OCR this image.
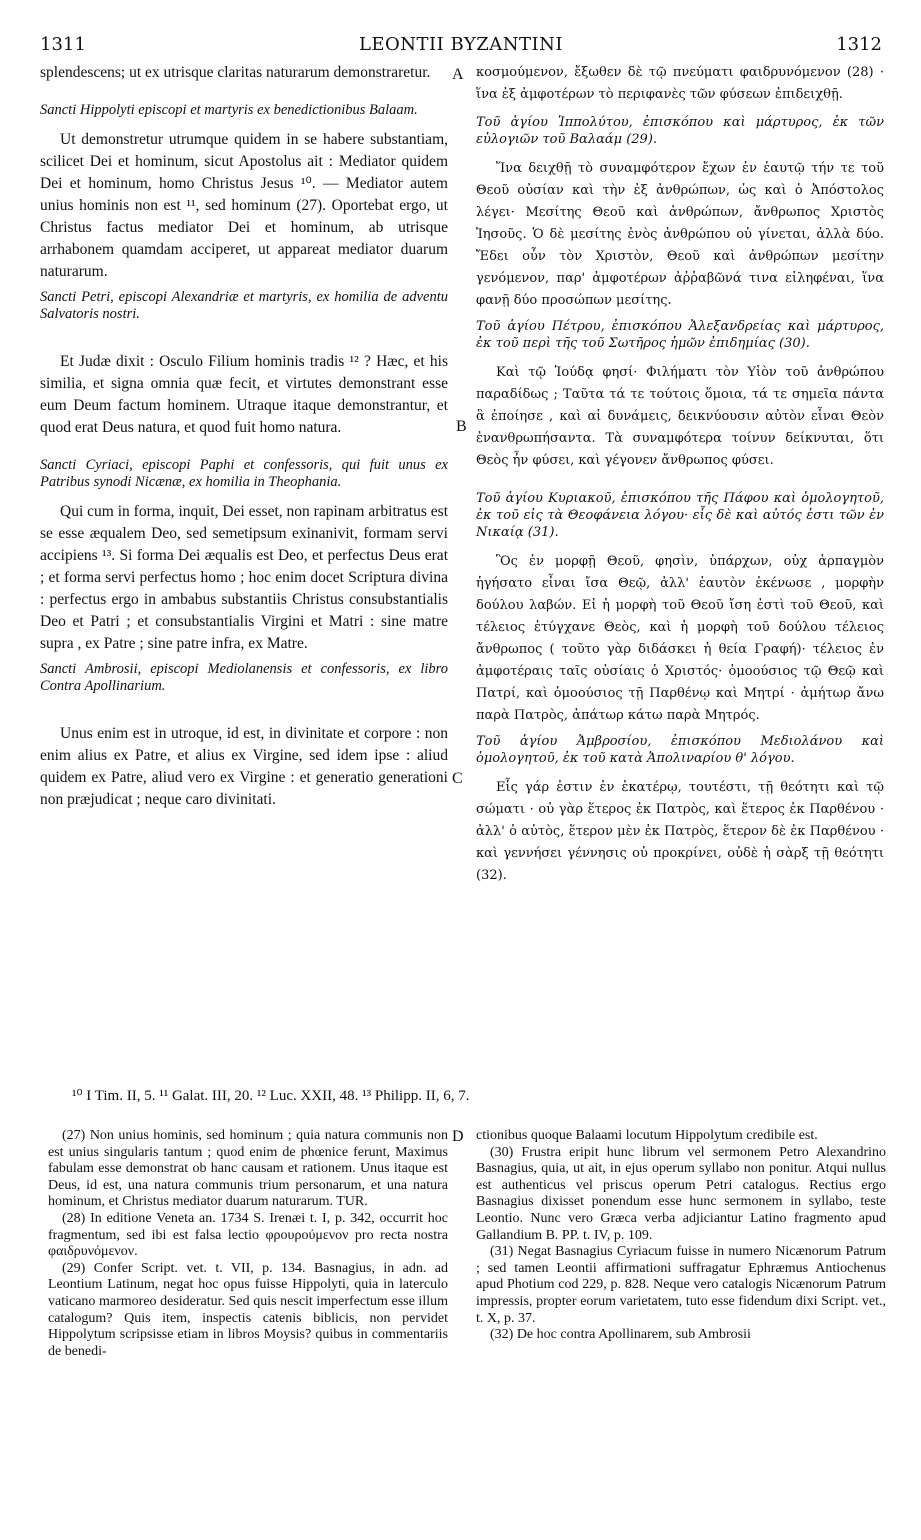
1311	LEONTII BYZANTINI	1312
A
B
C
D

splendescens; ut ex utrisque claritas naturarum demonstraretur.

Sancti Hippolyti episcopi et martyris ex benedictionibus Balaam.

Ut demonstretur utrumque quidem in se habere substantiam, scilicet Dei et hominum, sicut Apostolus ait : Mediator quidem Dei et hominum, homo Christus Jesus ¹⁰. — Mediator autem unius hominis non est ¹¹, sed hominum (27). Oportebat ergo, ut Christus factus mediator Dei et hominum, ab utrisque arrhabonem quamdam acciperet, ut appareat mediator duarum naturarum.

Sancti Petri, episcopi Alexandriæ et martyris, ex homilia de adventu Salvatoris nostri.

Et Judæ dixit : Osculo Filium hominis tradis ¹² ? Hæc, et his similia, et signa omnia quæ fecit, et virtutes demonstrant esse eum Deum factum hominem. Utraque itaque demonstrantur, et quod erat Deus natura, et quod fuit homo natura.

Sancti Cyriaci, episcopi Paphi et confessoris, qui fuit unus ex Patribus synodi Nicænæ, ex homilia in Theophania.

Qui cum in forma, inquit, Dei esset, non rapinam arbitratus est se esse æqualem Deo, sed semetipsum exinanivit, formam servi accipiens ¹³. Si forma Dei æqualis est Deo, et perfectus Deus erat ; et forma servi perfectus homo ; hoc enim docet Scriptura divina : perfectus ergo in ambabus substantiis Christus consubstantialis Deo et Patri ; et consubstantialis Virgini et Matri : sine matre supra , ex Patre ; sine patre infra, ex Matre.

Sancti Ambrosii, episcopi Mediolanensis et confessoris, ex libro Contra Apollinarium.

Unus enim est in utroque, id est, in divinitate et corpore : non enim alius ex Patre, et alius ex Virgine, sed idem ipse : aliud quidem ex Patre, aliud vero ex Virgine : et generatio generationi non præjudicat ; neque caro divinitati.

κοσμούμενον, ἔξωθεν δὲ τῷ πνεύματι φαιδρυνόμενον (28) · ἵνα ἐξ ἀμφοτέρων τὸ περιφανὲς τῶν φύσεων ἐπιδειχθῇ.

Τοῦ ἁγίου Ἱππολύτου, ἐπισκόπου καὶ μάρτυρος, ἐκ τῶν εὐλογιῶν τοῦ Βαλαάμ (29).

Ἵνα δειχθῇ τὸ συναμφότερον ἔχων ἐν ἑαυτῷ τήν τε τοῦ Θεοῦ οὐσίαν καὶ τὴν ἐξ ἀνθρώπων, ὡς καὶ ὁ Ἀπόστολος λέγει· Μεσίτης Θεοῦ καὶ ἀνθρώπων, ἄνθρωπος Χριστὸς Ἰησοῦς. Ὁ δὲ μεσίτης ἑνὸς ἀνθρώπου οὐ γίνεται, ἀλλὰ δύο. Ἔδει οὖν τὸν Χριστὸν, Θεοῦ καὶ ἀνθρώπων μεσίτην γενόμενον, παρ' ἀμφοτέρων ἀῤῥαβῶνά τινα εἰληφέναι, ἵνα φανῇ δύο προσώπων μεσίτης.

Τοῦ ἁγίου Πέτρου, ἐπισκόπου Ἀλεξανδρείας καὶ μάρτυρος, ἐκ τοῦ περὶ τῆς τοῦ Σωτῆρος ἡμῶν ἐπιδημίας (30).

Καὶ τῷ Ἰούδᾳ φησί· Φιλήματι τὸν Υἱὸν τοῦ ἀνθρώπου παραδίδως ; Ταῦτα τά τε τούτοις ὅμοια, τά τε σημεῖα πάντα ἃ ἐποίησε , καὶ αἱ δυνάμεις, δεικνύουσιν αὐτὸν εἶναι Θεὸν ἐνανθρωπήσαντα. Τὰ συναμφότερα τοίνυν δείκνυται, ὅτι Θεὸς ἦν φύσει, καὶ γέγονεν ἄνθρωπος φύσει.

Τοῦ ἁγίου Κυριακοῦ, ἐπισκόπου τῆς Πάφου καὶ ὁμολογητοῦ, ἐκ τοῦ εἰς τὰ Θεοφάνεια λόγου· εἷς δὲ καὶ αὐτός ἐστι τῶν ἐν Νικαίᾳ (31).

Ὃς ἐν μορφῇ Θεοῦ, φησὶν, ὑπάρχων, οὐχ ἁρπαγμὸν ἡγήσατο εἶναι ἴσα Θεῷ, ἀλλ' ἑαυτὸν ἐκένωσε , μορφὴν δούλου λαβών. Εἰ ἡ μορφὴ τοῦ Θεοῦ ἴση ἐστὶ τοῦ Θεοῦ, καὶ τέλειος ἐτύγχανε Θεὸς, καὶ ἡ μορφὴ τοῦ δούλου τέλειος ἄνθρωπος ( τοῦτο γὰρ διδάσκει ἡ θεία Γραφή)· τέλειος ἐν ἀμφοτέραις ταῖς οὐσίαις ὁ Χριστός· ὁμοούσιος τῷ Θεῷ καὶ Πατρί, καὶ ὁμοούσιος τῇ Παρθένῳ καὶ Μητρί · ἀμήτωρ ἄνω παρὰ Πατρὸς, ἀπάτωρ κάτω παρὰ Μητρός.

Τοῦ ἁγίου Ἀμβροσίου, ἐπισκόπου Μεδιολάνου καὶ ὁμολογητοῦ, ἐκ τοῦ κατὰ Ἀπολιναρίου θ' λόγου.

Εἷς γάρ ἐστιν ἐν ἑκατέρῳ, τουτέστι, τῇ θεότητι καὶ τῷ σώματι · οὐ γὰρ ἕτερος ἐκ Πατρὸς, καὶ ἕτερος ἐκ Παρθένου · ἀλλ' ὁ αὐτὸς, ἕτερον μὲν ἐκ Πατρὸς, ἕτερον δὲ ἐκ Παρθένου · καὶ γεννήσει γέννησις οὐ προκρίνει, οὐδὲ ἡ σὰρξ τῇ θεότητι (32).

¹⁰ I Tim. II, 5. ¹¹ Galat. III, 20. ¹² Luc. XXII, 48. ¹³ Philipp. II, 6, 7.

(27) Non unius hominis, sed hominum ; quia natura communis non est unius singularis tantum ; quod enim de phœnice ferunt, Maximus fabulam esse demonstrat ob hanc causam et rationem. Unus itaque est Deus, id est, una natura communis trium personarum, et una natura hominum, et Christus mediator duarum naturarum. TUR.

(28) In editione Veneta an. 1734 S. Irenæi t. I, p. 342, occurrit hoc fragmentum, sed ibi est falsa lectio φρουρούμενον pro recta nostra φαιδρυνόμενον.

(29) Confer Script. vet. t. VII, p. 134. Basnagius, in adn. ad Leontium Latinum, negat hoc opus fuisse Hippolyti, quia in laterculo vaticano marmoreo desideratur. Sed quis nescit imperfectum esse illum catalogum? Quis item, inspectis catenis biblicis, non pervidet Hippolytum scripsisse etiam in libros Moysis? quibus in commentariis de benedi-

ctionibus quoque Balaami locutum Hippolytum credibile est.

(30) Frustra eripit hunc librum vel sermonem Petro Alexandrino Basnagius, quia, ut ait, in ejus operum syllabo non ponitur. Atqui nullus est authenticus vel priscus operum Petri catalogus. Rectius ergo Basnagius dixisset ponendum esse hunc sermonem in syllabo, teste Leontio. Nunc vero Græca verba adjiciantur Latino fragmento apud Gallandium B. PP. t. IV, p. 109.

(31) Negat Basnagius Cyriacum fuisse in numero Nicænorum Patrum ; sed tamen Leontii affirmationi suffragatur Ephræmus Antiochenus apud Photium cod 229, p. 828. Neque vero catalogis Nicænorum Patrum impressis, propter eorum varietatem, tuto esse fidendum dixi Script. vet., t. X, p. 37.

(32) De hoc contra Apollinarem, sub Ambrosii
